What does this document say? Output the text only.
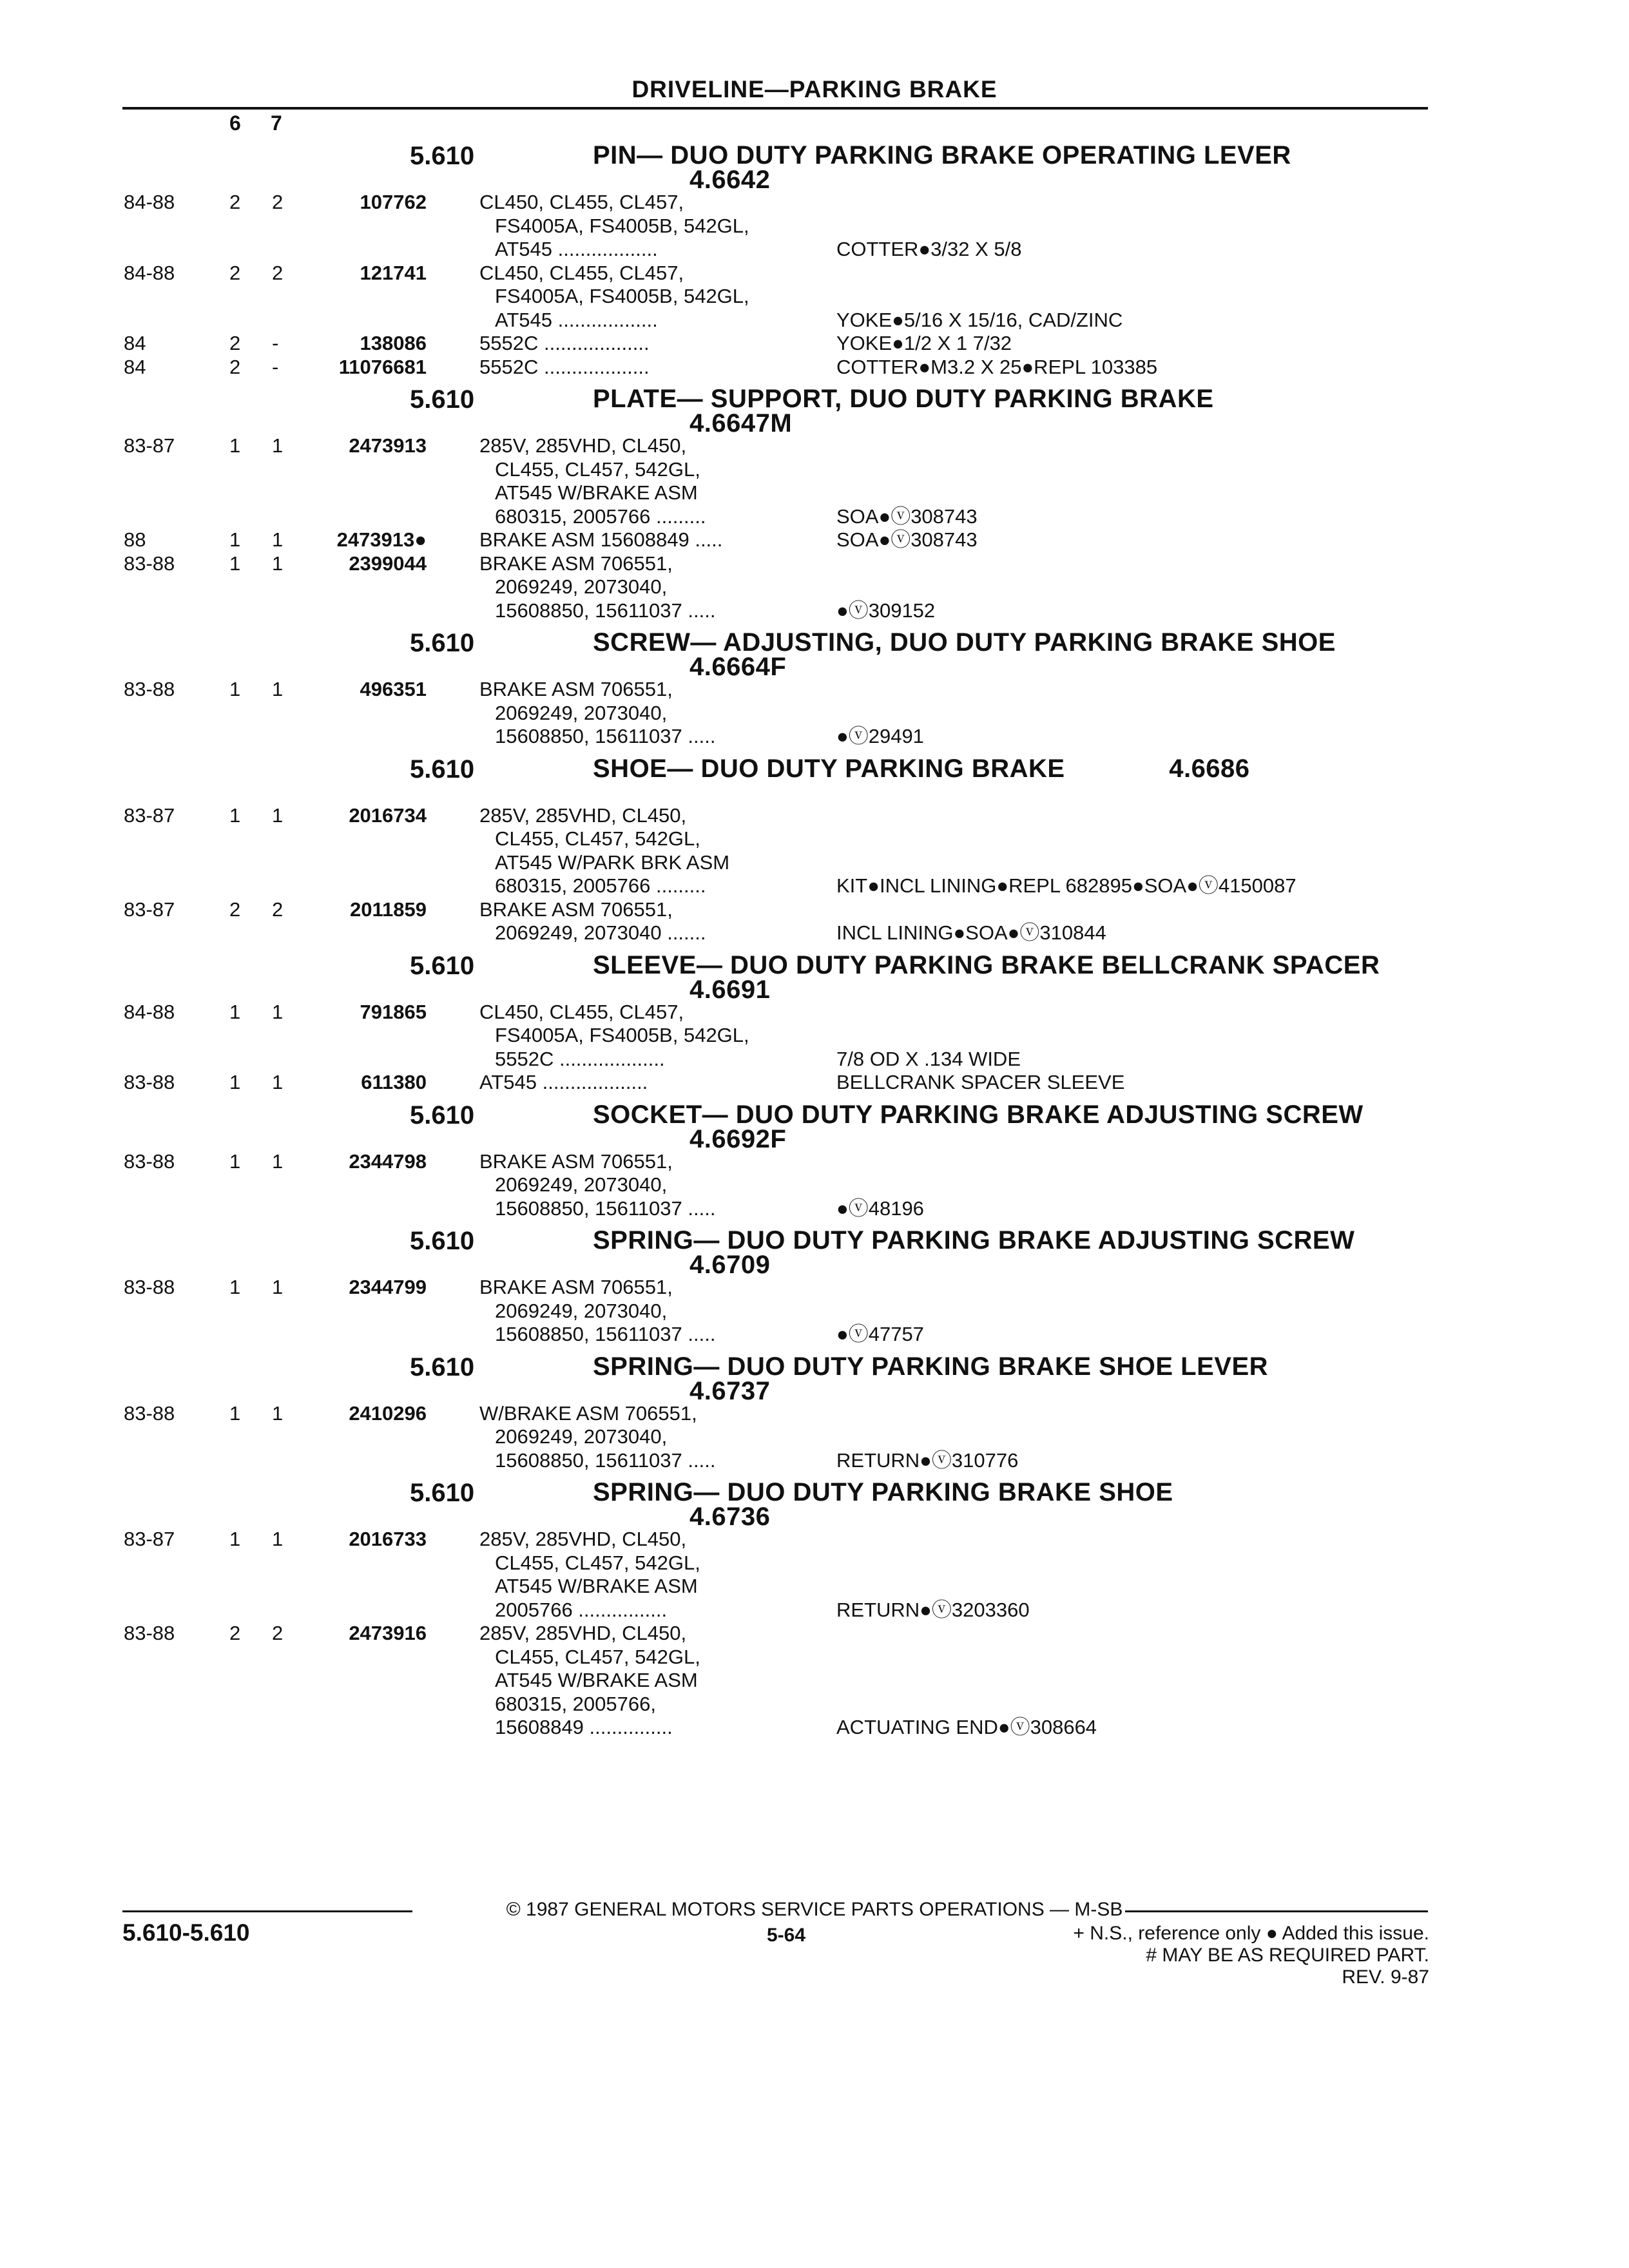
DRIVELINE—PARKING BRAKE
6 7
5.610	PIN— DUO DUTY PARKING BRAKE OPERATING LEVER
4.6642
84-88	2 2	107762	CL450, CL455, CL457,
FS4005A, FS4005B, 542GL,
AT545 ..................	COTTER●3/32 X 5/8
84-88	2 2	121741	CL450, CL455, CL457,
FS4005A, FS4005B, 542GL,
AT545 ..................	YOKE●5/16 X 15/16, CAD/ZINC
84	2 -	138086	5552C ...................	YOKE●1/2 X 1 7/32
84	2 -	11076681	5552C ...................	COTTER●M3.2 X 25●REPL 103385
5.610	PLATE— SUPPORT, DUO DUTY PARKING BRAKE
4.6647M
83-87	1 1	2473913	285V, 285VHD, CL450,
CL455, CL457, 542GL,
AT545 W/BRAKE ASM
680315, 2005766 .........	SOA●ⓥ308743
88	1 1	2473913●	BRAKE ASM 15608849 .....	SOA●ⓥ308743
83-88	1 1	2399044	BRAKE ASM 706551,
2069249, 2073040,
15608850, 15611037 .....	●ⓥ309152
5.610	SCREW— ADJUSTING, DUO DUTY PARKING BRAKE SHOE
4.6664F
83-88	1 1	496351	BRAKE ASM 706551,
2069249, 2073040,
15608850, 15611037 .....	●ⓥ29491
5.610	SHOE— DUO DUTY PARKING BRAKE	4.6686
83-87	1 1	2016734	285V, 285VHD, CL450,
CL455, CL457, 542GL,
AT545 W/PARK BRK ASM
680315, 2005766 .........	KIT●INCL LINING●REPL 682895●SOA●ⓥ4150087
83-87	2 2	2011859	BRAKE ASM 706551,
2069249, 2073040 .......	INCL LINING●SOA●ⓥ310844
5.610	SLEEVE— DUO DUTY PARKING BRAKE BELLCRANK SPACER
4.6691
84-88	1 1	791865	CL450, CL455, CL457,
FS4005A, FS4005B, 542GL,
5552C ...................	7/8 OD X .134 WIDE
83-88	1 1	611380	AT545 ...................	BELLCRANK SPACER SLEEVE
5.610	SOCKET— DUO DUTY PARKING BRAKE ADJUSTING SCREW
4.6692F
83-88	1 1	2344798	BRAKE ASM 706551,
2069249, 2073040,
15608850, 15611037 .....	●ⓥ48196
5.610	SPRING— DUO DUTY PARKING BRAKE ADJUSTING SCREW
4.6709
83-88	1 1	2344799	BRAKE ASM 706551,
2069249, 2073040,
15608850, 15611037 .....	●ⓥ47757
5.610	SPRING— DUO DUTY PARKING BRAKE SHOE LEVER
4.6737
83-88	1 1	2410296	W/BRAKE ASM 706551,
2069249, 2073040,
15608850, 15611037 .....	RETURN●ⓥ310776
5.610	SPRING— DUO DUTY PARKING BRAKE SHOE
4.6736
83-87	1 1	2016733	285V, 285VHD, CL450,
CL455, CL457, 542GL,
AT545 W/BRAKE ASM
2005766 ................	RETURN●ⓥ3203360
83-88	2 2	2473916	285V, 285VHD, CL450,
CL455, CL457, 542GL,
AT545 W/BRAKE ASM
680315, 2005766,
15608849 ...............	ACTUATING END●ⓥ308664
© 1987 GENERAL MOTORS SERVICE PARTS OPERATIONS — M-SB
5.610-5.610	5-64	+ N.S., reference only ● Added this issue.
# MAY BE AS REQUIRED PART.
REV. 9-87
